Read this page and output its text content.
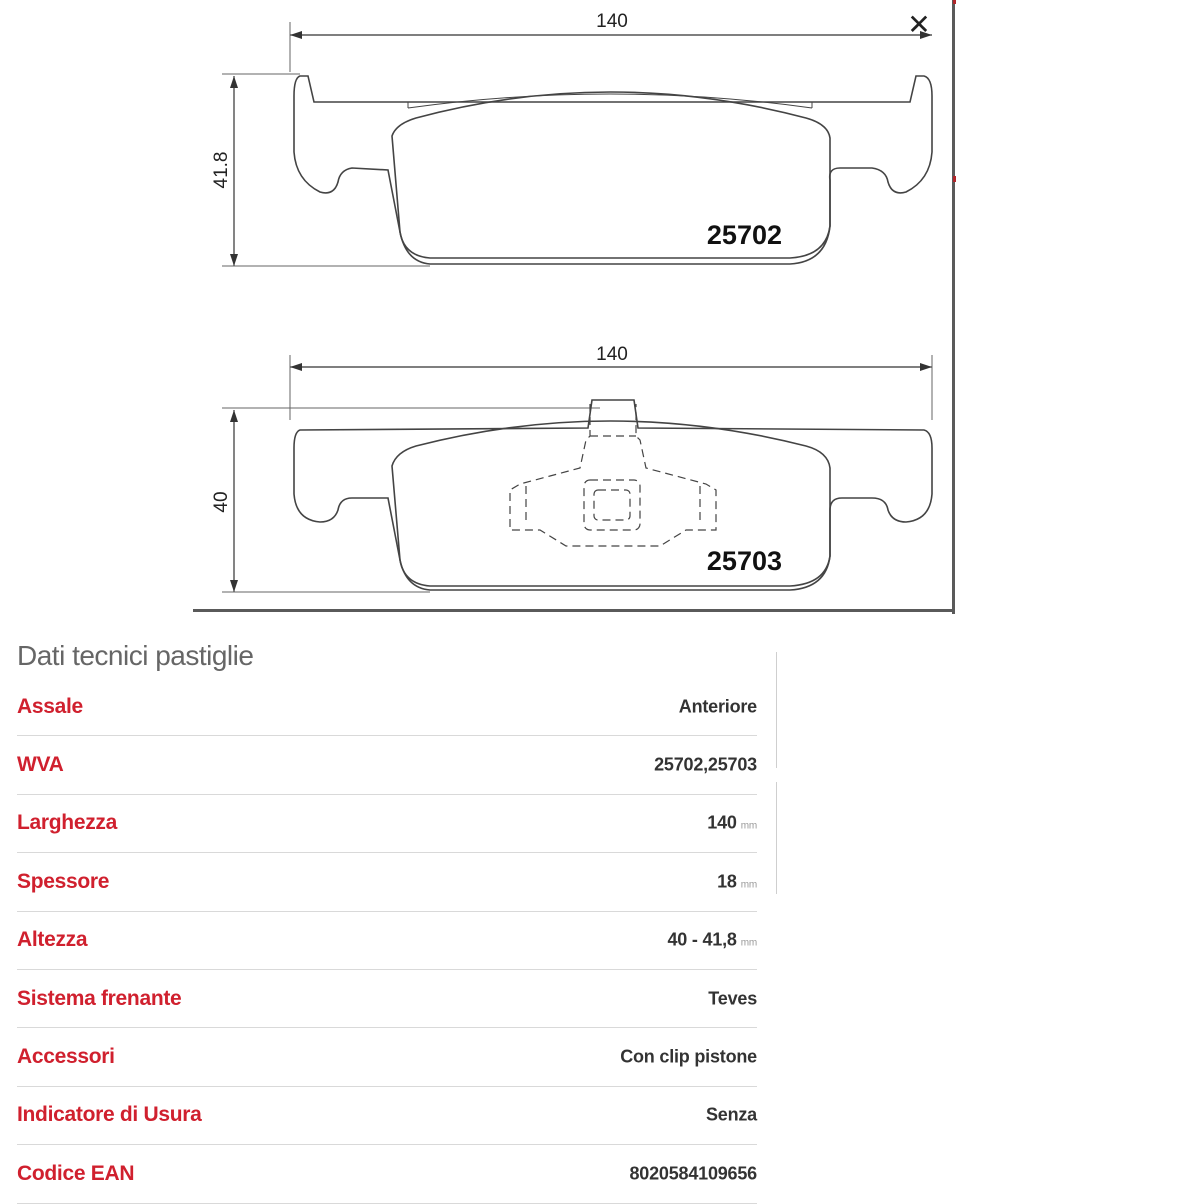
140
41.8
25702
140
40
25703
✕
Dati tecnici pastiglie
Assale	Anteriore
WVA	25702,25703
Larghezza	140 mm
Spessore	18 mm
Altezza	40 - 41,8 mm
Sistema frenante	Teves
Accessori	Con clip pistone
Indicatore di Usura	Senza
Codice EAN	8020584109656
